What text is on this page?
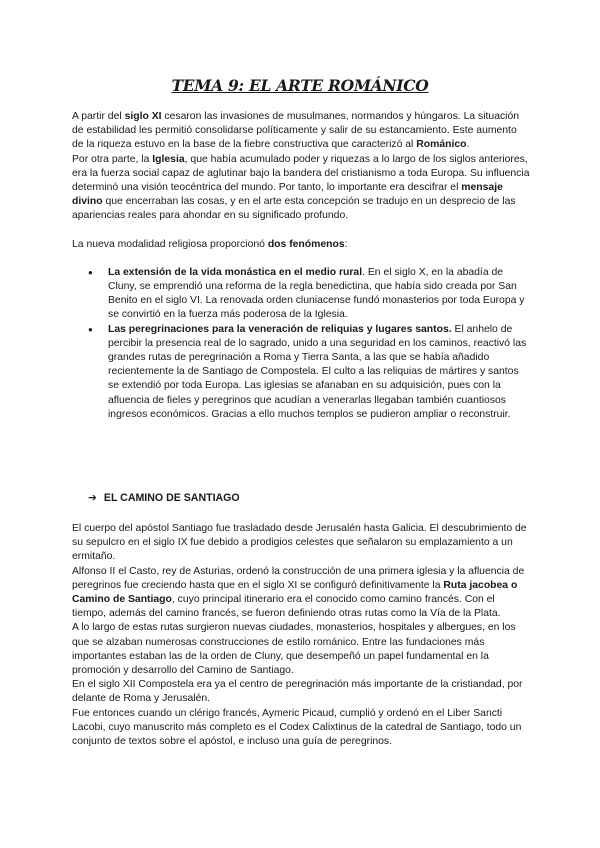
TEMA 9: EL ARTE ROMÁNICO

A partir del siglo XI cesaron las invasiones de musulmanes, normandos y húngaros. La situación de estabilidad les permitió consolidarse políticamente y salir de su estancamiento. Este aumento de la riqueza estuvo en la base de la fiebre constructiva que caracterizó al Románico.

Por otra parte, la Iglesia, que había acumulado poder y riquezas a lo largo de los siglos anteriores, era la fuerza social capaz de aglutinar bajo la bandera del cristianismo a toda Europa. Su influencia determinó una visión teocéntrica del mundo. Por tanto, lo importante era descifrar el mensaje divino que encerraban las cosas, y en el arte esta concepción se tradujo en un desprecio de las apariencias reales para ahondar en su significado profundo.

La nueva modalidad religiosa proporcionó dos fenómenos:

● La extensión de la vida monástica en el medio rural. En el siglo X, en la abadía de Cluny, se emprendió una reforma de la regla benedictina, que había sido creada por San Benito en el siglo VI. La renovada orden cluniacense fundó monasterios por toda Europa y se convirtió en la fuerza más poderosa de la Iglesia.
● Las peregrinaciones para la veneración de reliquias y lugares santos. El anhelo de percibir la presencia real de lo sagrado, unido a una seguridad en los caminos, reactivó las grandes rutas de peregrinación a Roma y Tierra Santa, a las que se había añadido recientemente la de Santiago de Compostela. El culto a las reliquias de mártires y santos se extendió por toda Europa. Las iglesias se afanaban en su adquisición, pues con la afluencia de fieles y peregrinos que acudían a venerarlas llegaban también cuantiosos ingresos económicos. Gracias a ello muchos templos se pudieron ampliar o reconstruir.
➔ EL CAMINO DE SANTIAGO

El cuerpo del apóstol Santiago fue trasladado desde Jerusalén hasta Galicia. El descubrimiento de su sepulcro en el siglo IX fue debido a prodigios celestes que señalaron su emplazamiento a un ermitaño.

Alfonso II el Casto, rey de Asturias, ordenó la construcción de una primera iglesia y la afluencia de peregrinos fue creciendo hasta que en el siglo XI se configuró definitivamente la Ruta jacobea o Camino de Santiago, cuyo principal itinerario era el conocido como camino francés. Con el tiempo, además del camino francés, se fueron definiendo otras rutas como la Vía de la Plata.

A lo largo de estas rutas surgieron nuevas ciudades, monasterios, hospitales y albergues, en los que se alzaban numerosas construcciones de estilo románico. Entre las fundaciones más importantes estaban las de la orden de Cluny, que desempeñó un papel fundamental en la promoción y desarrollo del Camino de Santiago.

En el siglo XII Compostela era ya el centro de peregrinación más importante de la cristiandad, por delante de Roma y Jerusalén.

Fue entonces cuando un clérigo francés, Aymeric Picaud, cumplió y ordenó en el Liber Sancti Lacobi, cuyo manuscrito más completo es el Codex Calixtinus de la catedral de Santiago, todo un conjunto de textos sobre el apóstol, e incluso una guía de peregrinos.
